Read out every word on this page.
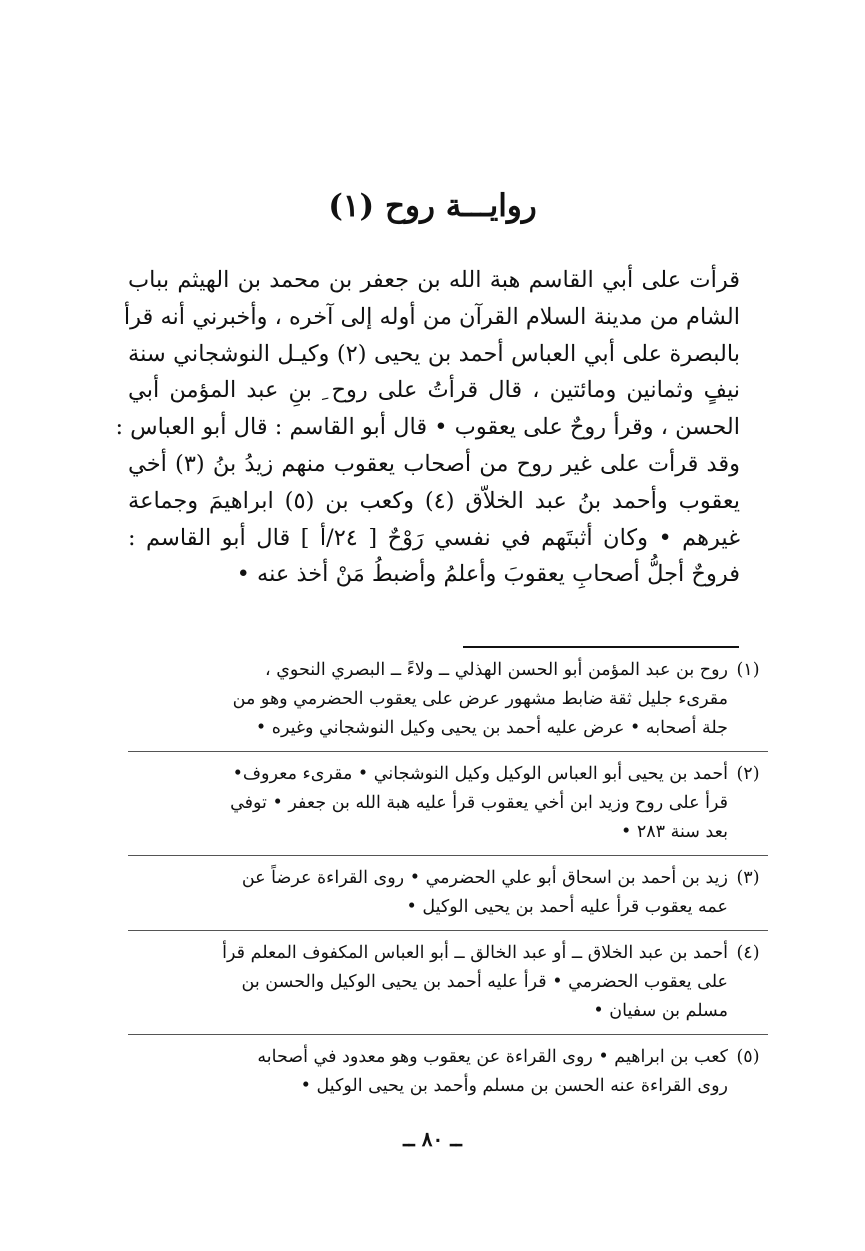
روايـــة روح (١)
قرأت على أبي القاسم هبة الله بن جعفر بن محمد بن الهيثم بباب
الشام من مدينة السلام القرآن من أوله إلى آخره ، وأخبرني أنه قرأ
بالبصرة على أبي العباس أحمد بن يحيى (٢) وكيـل النوشجاني سنة
نيفٍ وثمانين ومائتين ، قال قرأتُ على روح ِ بنِ عبد المؤمن أبي
الحسن ، وقرأ روحٌ على يعقوب • قال أبو القاسم : قال أبو العباس :
وقد قرأت على غير روح من أصحاب يعقوب منهم زيدُ بنُ (٣) أخي
يعقوب وأحمد بنُ عبد الخلاّق (٤) وكعب بن (٥) ابراهيمَ وجماعة
غيرهم • وكان أثبتَهم في نفسي رَوْحٌ [ ٢٤/أ ] قال أبو القاسم :
فروحٌ أجلُّ أصحابِ يعقوبَ وأعلمُ وأضبطُ مَنْ أخذ عنه •
(١)
روح بن عبد المؤمن أبو الحسن الهذلي ــ ولاءً ــ البصري النحوي ،
مقرىء جليل ثقة ضابط مشهور عرض على يعقوب الحضرمي وهو من
جلة أصحابه • عرض عليه أحمد بن يحيى وكيل النوشجاني وغيره •
(٢)
أحمد بن يحيى أبو العباس الوكيل وكيل النوشجاني • مقرىء معروف•
قرأ على روح وزيد ابن أخي يعقوب قرأ عليه هبة الله بن جعفر • توفي
بعد سنة ٢٨٣ •
(٣)
زيد بن أحمد بن اسحاق أبو علي الحضرمي • روى القراءة عرضاً عن
عمه يعقوب قرأ عليه أحمد بن يحيى الوكيل •
(٤)
أحمد بن عبد الخلاق ــ أو عبد الخالق ــ أبو العباس المكفوف المعلم قرأ
على يعقوب الحضرمي • قرأ عليه أحمد بن يحيى الوكيل والحسن بن
مسلم بن سفيان •
(٥)
كعب بن ابراهيم • روى القراءة عن يعقوب وهو معدود في أصحابه
روى القراءة عنه الحسن بن مسلم وأحمد بن يحيى الوكيل •
ــ ٨٠ ــ
